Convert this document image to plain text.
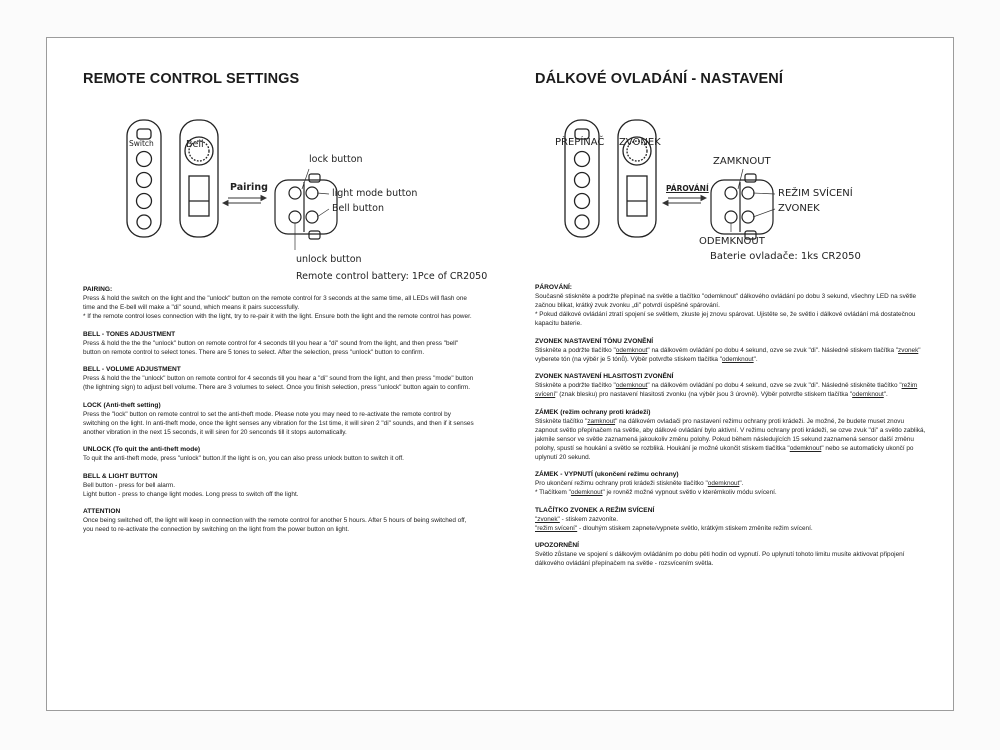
REMOTE CONTROL SETTINGS
Switch	Bell
lock button
Pairing
light mode button
Bell button
unlock button
Remote control battery: 1Pce of CR2050
PAIRING:

Press & hold the switch on the light and the "unlock" button on the remote control for 3 seconds at the same time, all LEDs will flash one time and the E-bell will make a "di" sound, which means it pairs successfully.

* If the remote control loses connection with the light, try to re-pair it with the light. Ensure both the light and the remote control has power.

BELL - TONES ADJUSTMENT

Press & hold the the the "unlock" button on remote control for 4 seconds till you hear a "di" sound from the light, and then press "bell" button on remote control to select tones. There are 5 tones to select. After the selection, press "unlock" button to confirm.

BELL - VOLUME ADJUSTMENT

Press & hold the the "unlock" button on remote control for 4 seconds till you hear a "di" sound from the light, and then press "mode" button (the lightning sign) to adjust bell volume. There are 3 volumes to select. Once you finish selection, press "unlock" button again to confirm.

LOCK (Anti-theft setting)

Press the "lock" button on remote control to set the anti-theft mode. Please note you may need to re-activate the remote control by switching on the light. In anti-theft mode, once the light senses any vibration for the 1st time, it will siren 2 "di" sounds, and then if it senses another vibration in the next 15 seconds, it will siren for 20 senconds till it stops automatically.

UNLOCK (To quit the anti-theft mode)

To quit the anti-theft mode, press "unlock" button.If the light is on, you can also press unlock button to switch it off.

BELL & LIGHT BUTTON

Bell button - press for bell alarm.

Light button - press to change light modes. Long press to switch off the light.

ATTENTION

Once being switched off, the light will keep in connection with the remote control for another 5 hours. After 5 hours of being switched off, you need to re-activate the connection by switching on the light from the power button on light.

DÁLKOVÉ OVLADÁNÍ - NASTAVENÍ
PŘEPÍNAČ ZVONEK
ZAMKNOUT
PÁROVÁNÍ	REŽIM SVÍCENÍ
ZVONEK
ODEMKNOUT
Baterie ovladače: 1ks CR2050
PÁROVÁNÍ:

Současně stiskněte a podržte přepínač na světle a tlačítko "odemknout" dálkového ovládání po dobu 3 sekund, všechny LED na světle začnou blikat, krátký zvuk zvonku „di" potvrdí úspěšné spárování.

* Pokud dálkové ovládání ztratí spojení se světlem, zkuste jej znovu spárovat. Ujistěte se, že světlo i dálkové ovládání má dostatečnou kapacitu baterie.

ZVONEK NASTAVENÍ TÓNU ZVONĚNÍ

Stiskněte a podržte tlačítko "odemknout" na dálkovém ovládání po dobu 4 sekund, ozve se zvuk "di". Následně stiskem tlačítka "zvonek" vyberete tón (na výběr je 5 tónů). Výběr potvrďte stiskem tlačítka "odemknout".

ZVONEK NASTAVENÍ HLASITOSTI ZVONĚNÍ

Stiskněte a podržte tlačítko "odemknout" na dálkovém ovládání po dobu 4 sekund, ozve se zvuk "di". Následně stiskněte tlačítko "režim svícení" (znak blesku) pro nastavení hlasitosti zvonku (na výběr jsou 3 úrovně). Výběr potvrďte stiskem tlačítka "odemknout".

ZÁMEK (režim ochrany proti krádeži)

Stiskněte tlačítko "zamknout" na dálkovém ovladači pro nastavení režimu ochrany proti krádeži. Je možné, že budete muset znovu zapnout světlo přepínačem na světle, aby dálkové ovládání bylo aktivní. V režimu ochrany proti krádeži, se ozve zvuk "di" a světlo zabliká, jakmile sensor ve světle zaznamená jakoukoliv změnu polohy. Pokud během následujících 15 sekund zaznamená sensor další změnu polohy, spustí se houkání a světlo se rozbliká. Houkání je možné ukončit stiskem tlačítka "odemknout" nebo se automaticky ukončí po uplynutí 20 sekund.

ZÁMEK - VYPNUTÍ (ukončení režimu ochrany)

Pro ukončení režimu ochrany proti krádeži stiskněte tlačítko "odemknout".

* Tlačítkem "odemknout" je rovněž možné vypnout světlo v kterémkoliv módu svícení.

TLAČÍTKO ZVONEK A REŽIM SVÍCENÍ

"zvonek" - stiskem zazvoníte.

"režim svícení" - dlouhým stiskem zapnete/vypnete světlo, krátkým stiskem změníte režim svícení.

UPOZORNĚNÍ

Světlo zůstane ve spojení s dálkovým ovládáním po dobu pěti hodin od vypnutí. Po uplynutí tohoto limitu musíte aktivovat připojení dálkového ovládání přepínačem na světle - rozsvícením světla.
